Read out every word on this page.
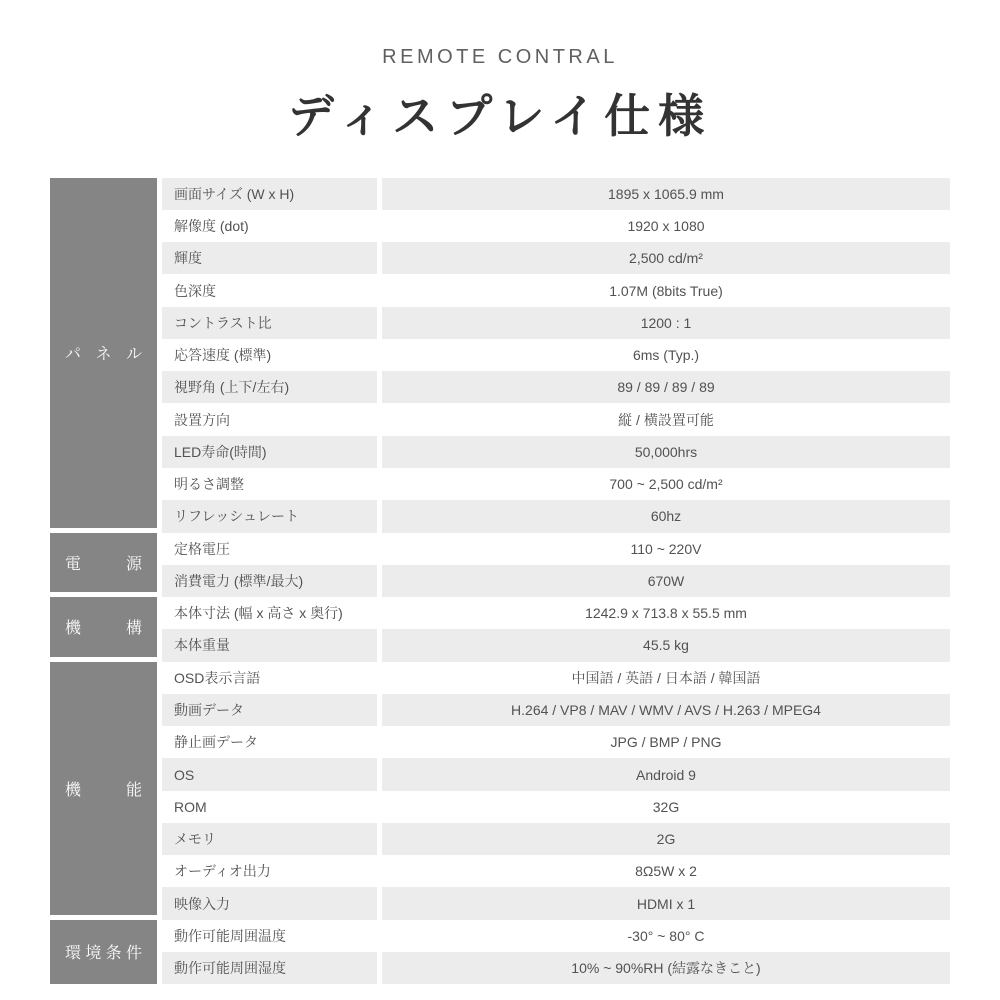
REMOTE CONTRAL
ディスプレイ仕様
パ ネ ル
画面サイズ (W x H)	1895 x 1065.9 mm
解像度 (dot)	1920 x 1080
輝度	2,500 cd/m²
色深度	1.07M (8bits True)
コントラスト比	1200 : 1
応答速度 (標準)	6ms (Typ.)
視野角 (上下/左右)	89 / 89 / 89 / 89
設置方向	縦 / 横設置可能
LED寿命(時間)	50,000hrs
明るさ調整	700 ~ 2,500 cd/m²
リフレッシュレート	60hz
電	源
定格電圧	110 ~ 220V
消費電力 (標準/最大)	670W
機	構
本体寸法 (幅 x 高さ x 奥行)	1242.9 x 713.8 x 55.5 mm
本体重量	45.5 kg
機	能
OSD表示言語	中国語 / 英語 / 日本語 / 韓国語
動画データ	H.264 / VP8 / MAV / WMV / AVS / H.263 / MPEG4
静止画データ	JPG / BMP / PNG
OS	Android 9
ROM	32G
メモリ	2G
オーディオ出力	8Ω5W x 2
映像入力	HDMI x 1
環 境 条 件
動作可能周囲温度	-30° ~ 80° C
動作可能周囲湿度	10% ~ 90%RH (結露なきこと)
